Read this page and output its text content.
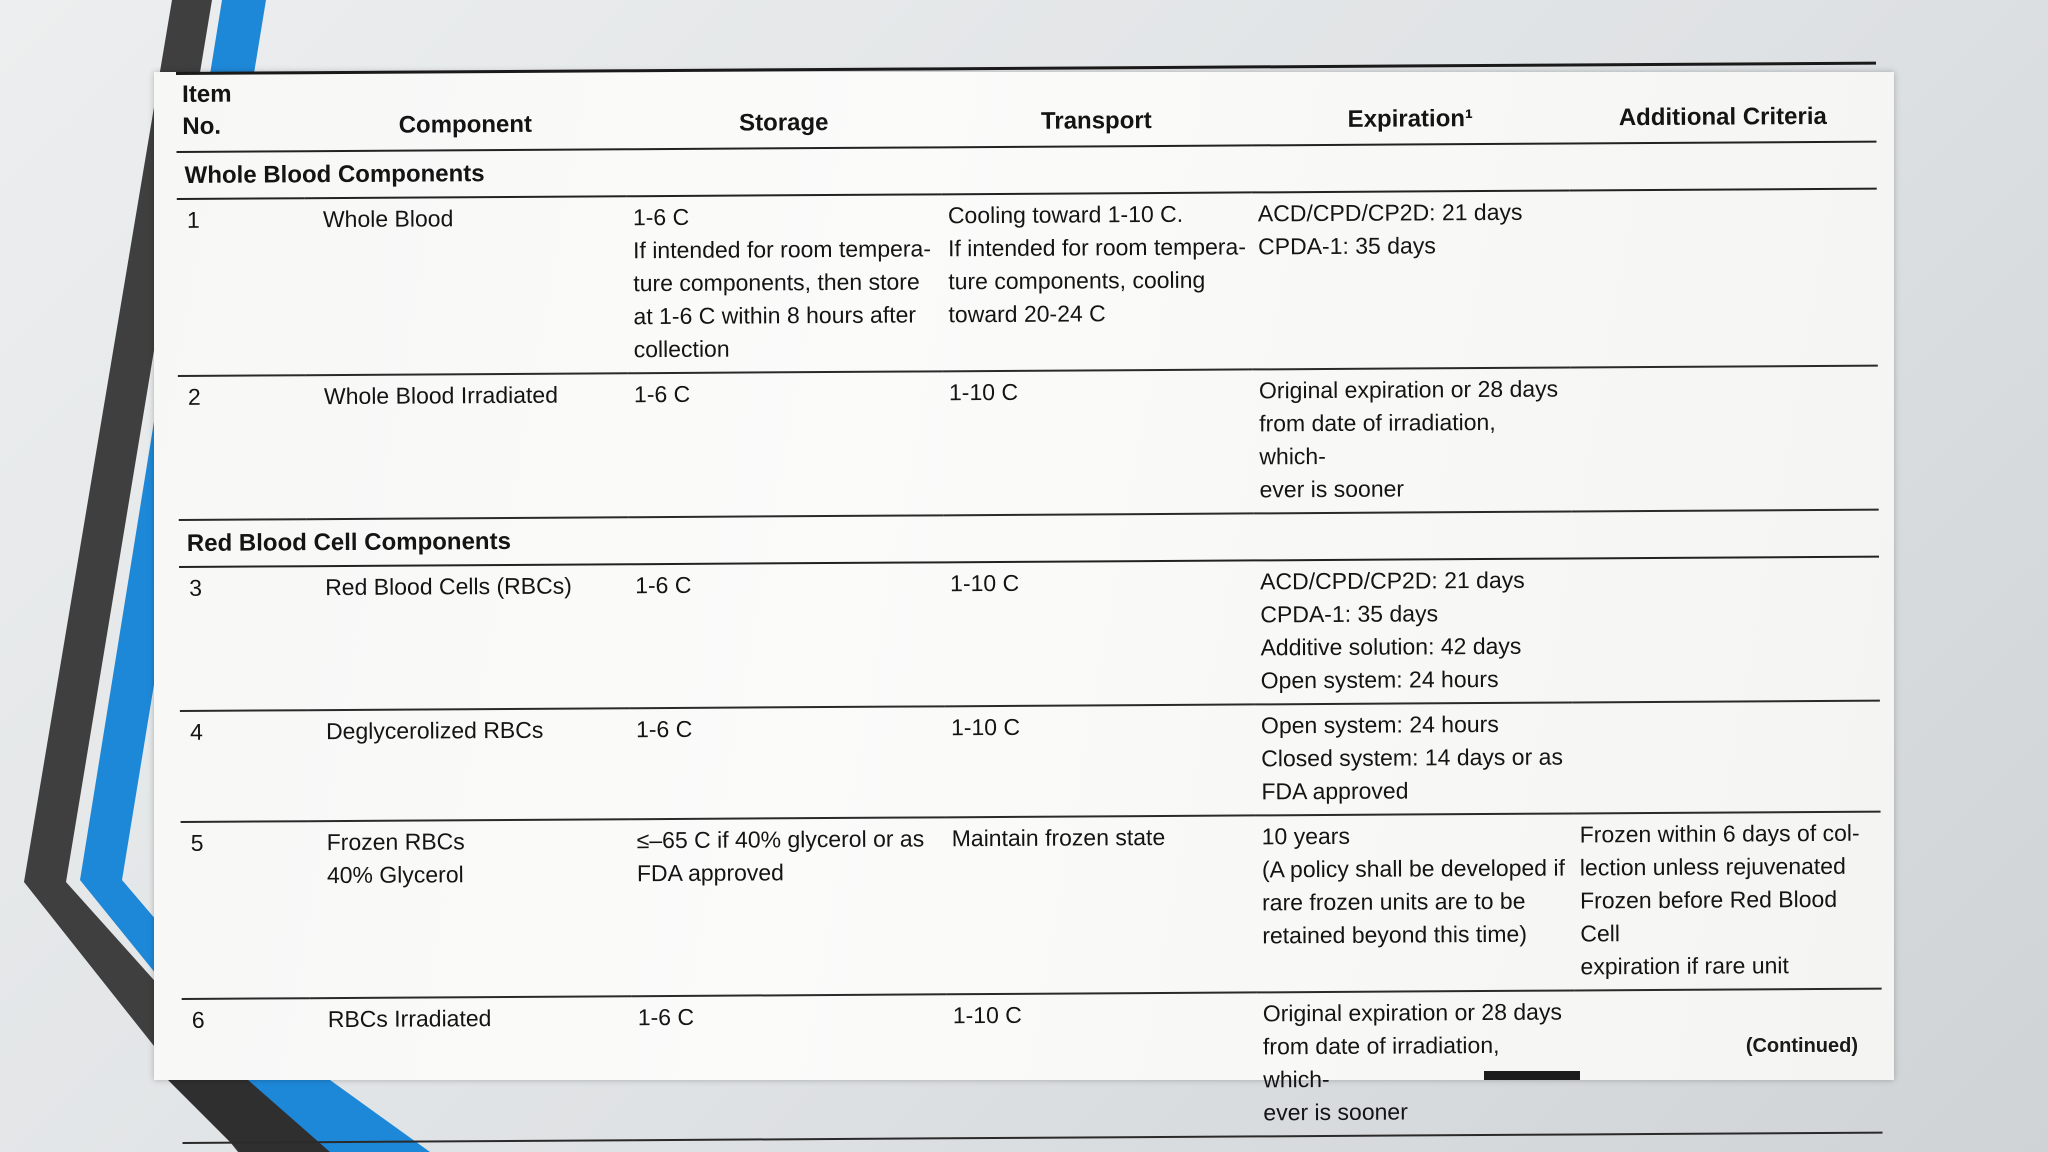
Item
No.	Component	Storage	Transport	Expiration¹	Additional Criteria
Whole Blood Components					
1	Whole Blood	1-6 C
If intended for room tempera-
ture components, then store
at 1-6 C within 8 hours after
collection	Cooling toward 1-10 C.
If intended for room tempera-
ture components, cooling
toward 20-24 C	ACD/CPD/CP2D: 21 days
CPDA-1: 35 days	
2	Whole Blood Irradiated	1-6 C	1-10 C	Original expiration or 28 days
from date of irradiation, which-
ever is sooner	
Red Blood Cell Components					
3	Red Blood Cells (RBCs)	1-6 C	1-10 C	ACD/CPD/CP2D: 21 days
CPDA-1: 35 days
Additive solution: 42 days
Open system: 24 hours	
4	Deglycerolized RBCs	1-6 C	1-10 C	Open system: 24 hours
Closed system: 14 days or as
FDA approved	
5	Frozen RBCs
40% Glycerol	≤–65 C if 40% glycerol or as
FDA approved	Maintain frozen state	10 years
(A policy shall be developed if
rare frozen units are to be
retained beyond this time)	Frozen within 6 days of col-
lection unless rejuvenated
Frozen before Red Blood Cell
expiration if rare unit
6	RBCs Irradiated	1-6 C	1-10 C	Original expiration or 28 days
from date of irradiation, which-
ever is sooner	
(Continued)
